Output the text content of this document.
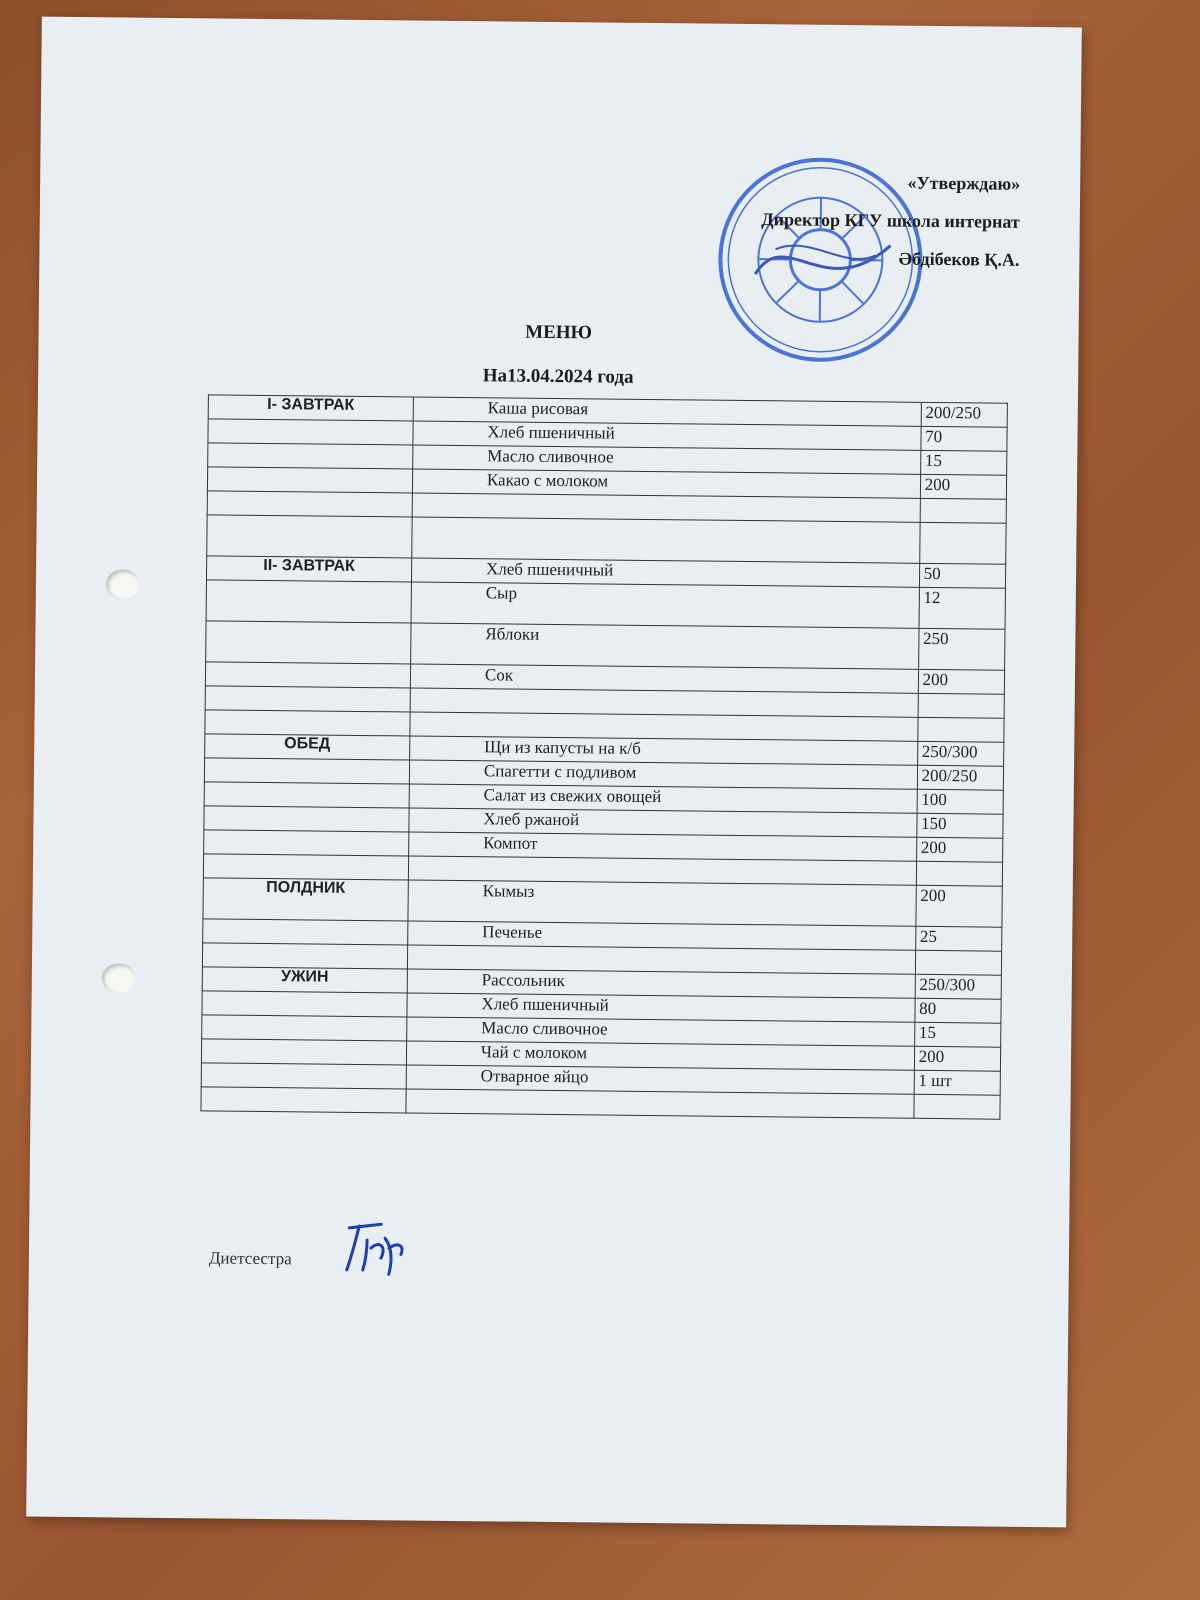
«Утверждаю»
Директор КГУ школа интернат
Әбдібеков Қ.А.
МЕНЮ
На13.04.2024 года
I- ЗАВТРАК	Каша рисовая	200/250
	Хлеб пшеничный	70
	Масло сливочное	15
	Какао с молоком	200

II- ЗАВТРАК	Хлеб пшеничный	50
	Сыр	12
	Яблоки	250
	Сок	200

ОБЕД	Щи из капусты на к/б	250/300
	Спагетти с подливом	200/250
	Салат из свежих овощей	100
	Хлеб ржаной	150
	Компот	200

ПОЛДНИК	Кымыз	200
	Печенье	25

УЖИН	Рассольник	250/300
	Хлеб пшеничный	80
	Масло сливочное	15
	Чай с молоком	200
	Отварное яйцо	1 шт

Диетсестра
